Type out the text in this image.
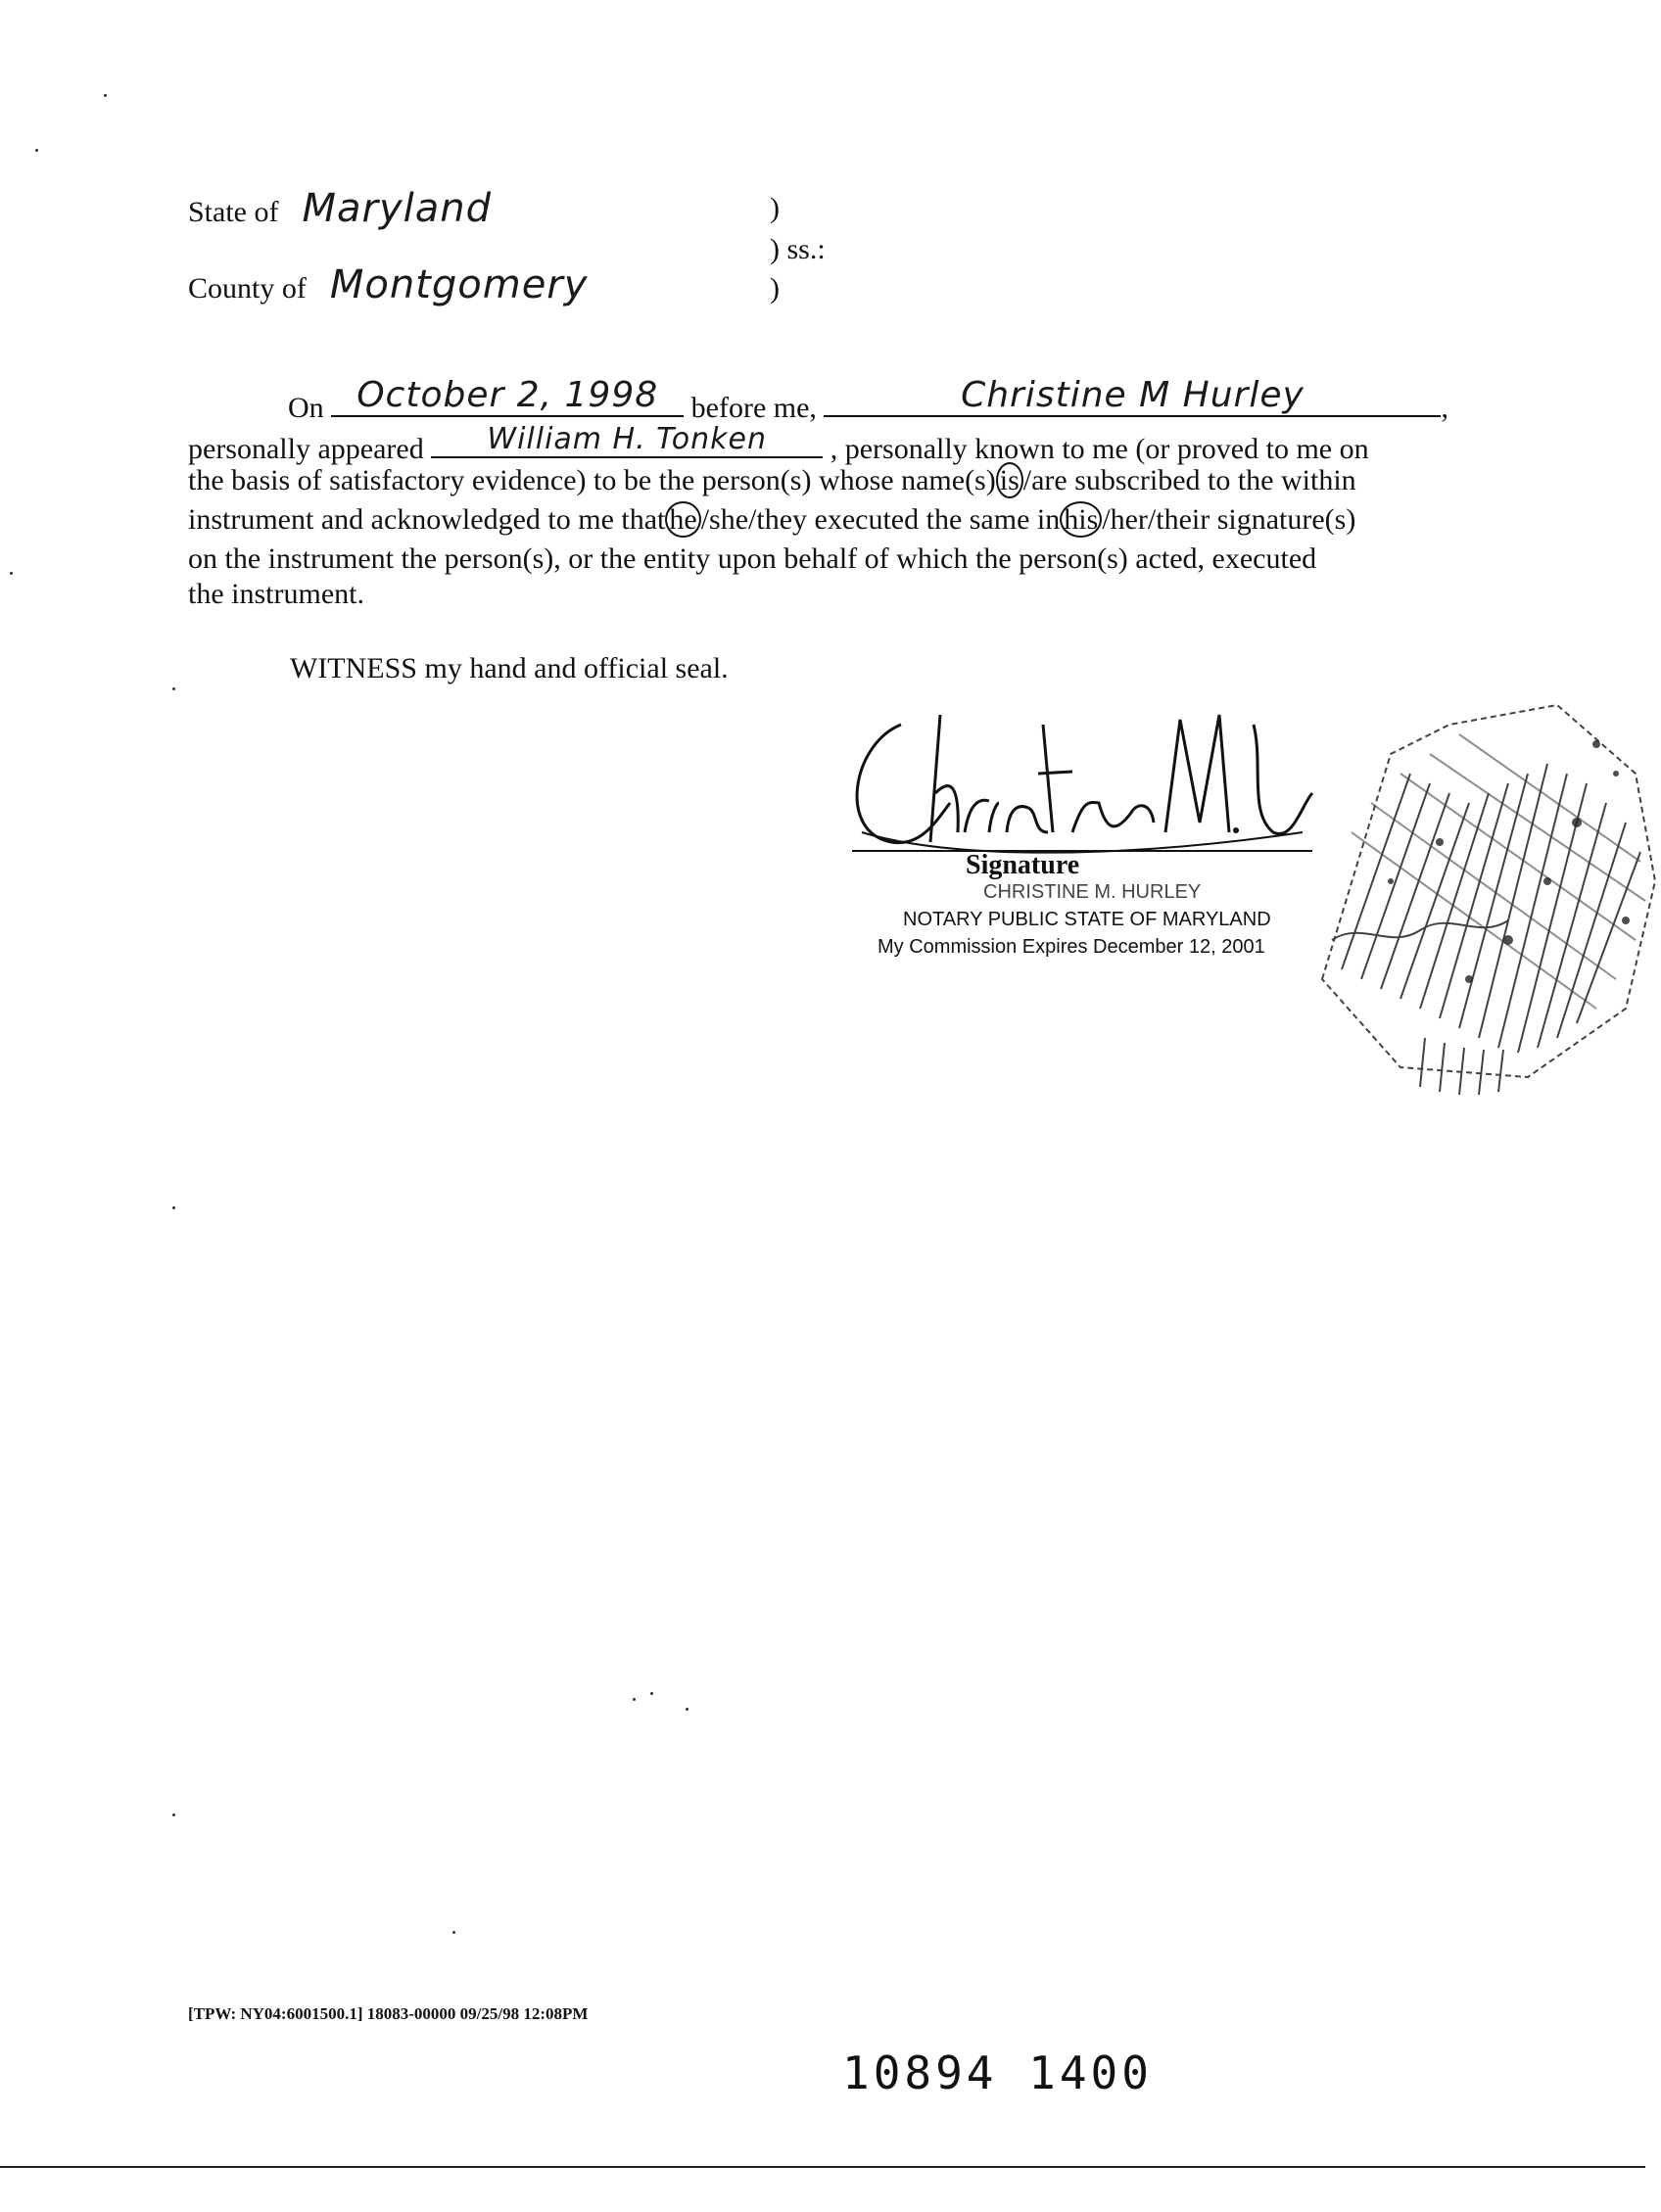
State of Maryland
County of Montgomery
)
) ss.:
)
On October 2, 1998	before me,	Christine M Hurley	,
personally appeared	William H. Tonken	, personally known to me (or proved to me on
the basis of satisfactory evidence) to be the person(s) whose name(s) is /are subscribed to the within
instrument and acknowledged to me that he /she/they executed the same in his /her/their signature(s)
on the instrument the person(s), or the entity upon behalf of which the person(s) acted, executed
the instrument.
WITNESS my hand and official seal.
Signature
CHRISTINE M. HURLEY
NOTARY PUBLIC STATE OF MARYLAND
My Commission Expires December 12, 2001
[TPW: NY04:6001500.1] 18083-00000 09/25/98 12:08PM
10894 1400
